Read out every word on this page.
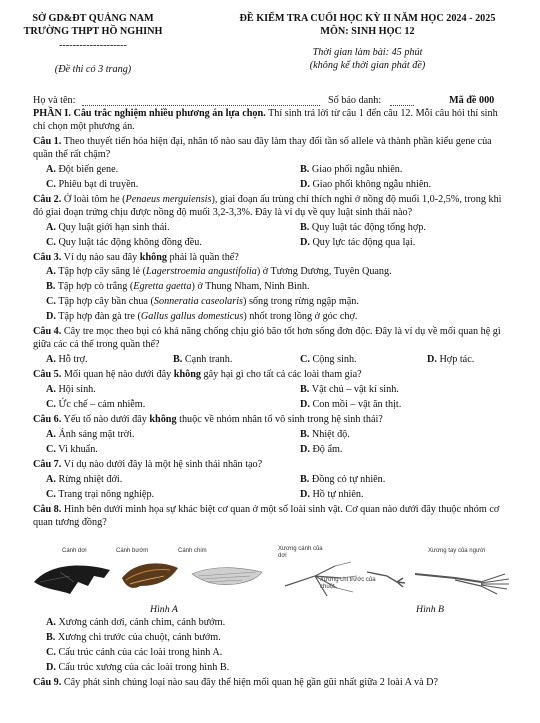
SỞ GD&ĐT QUẢNG NAM
TRƯỜNG THPT HỒ NGHINH
--------------------
(Đề thi có 3 trang)
ĐỀ KIỂM TRA CUỐI HỌC KỲ II NĂM HỌC 2024 - 2025
MÔN: SINH HỌC 12
Thời gian làm bài: 45 phút
(không kể thời gian phát đề)
Họ và tên:	Số báo danh:	Mã đề 000
PHẦN I. Câu trắc nghiệm nhiều phương án lựa chọn. Thí sinh trả lời từ câu 1 đến câu 12. Mỗi câu hỏi thí sinh chỉ chọn một phương án.
Câu 1. Theo thuyết tiến hóa hiện đại, nhân tố nào sau đây làm thay đổi tần số allele và thành phần kiểu gene của quần thể rất chậm?
A. Đột biến gene.	B. Giao phối ngẫu nhiên.
C. Phiêu bạt di truyền.	D. Giao phối không ngẫu nhiên.
Câu 2. Ở loài tôm he (Penaeus merguiensis), giai đoạn ấu trùng chỉ thích nghi ở nồng độ muối 1,0-2,5%, trong khi đó giai đoạn trứng chịu được nồng độ muối 3,2-3,3%. Đây là ví dụ về quy luật sinh thái nào?
A. Quy luật giới hạn sinh thái.	B. Quy luật tác động tổng hợp.
C. Quy luật tác động không đồng đều.	D. Quy lực tác động qua lại.
Câu 3. Ví dụ nào sau đây không phải là quần thể?
A. Tập hợp cây săng lẻ (Lagerstroemia angustifolia) ở Tương Dương, Tuyên Quang.
B. Tập hợp cò trắng (Egretta gaetta) ở Thung Nham, Ninh Bình.
C. Tập hợp cây bần chua (Sonneratia caseolaris) sống trong rừng ngập mặn.
D. Tập hợp đàn gà tre (Gallus gallus domesticus) nhốt trong lồng ở góc chợ.
Câu 4. Cây tre mọc theo bụi có khả năng chống chịu gió bão tốt hơn sống đơn độc. Đây là ví dụ về mối quan hệ gì giữa các cá thể trong quần thể?
A. Hỗ trợ.	B. Cạnh tranh.	C. Cộng sinh.	D. Hợp tác.
Câu 5. Mối quan hệ nào dưới đây không gây hại gì cho tất cả các loài tham gia?
A. Hội sinh.	B. Vật chủ – vật kí sinh.
C. Ức chế – cảm nhiễm.	D. Con mồi – vật ăn thịt.
Câu 6. Yếu tố nào dưới đây không thuộc về nhóm nhân tố vô sinh trong hệ sinh thái?
A. Ánh sáng mặt trời.	B. Nhiệt độ.
C. Vi khuẩn.	D. Độ ẩm.
Câu 7. Ví dụ nào dưới đây là một hệ sinh thái nhân tạo?
A. Rừng nhiệt đới.	B. Đồng cỏ tự nhiên.
C. Trang trại nông nghiệp.	D. Hồ tự nhiên.
Câu 8. Hình bên dưới minh họa sự khác biệt cơ quan ở một số loài sinh vật. Cơ quan nào dưới đây thuộc nhóm cơ quan tương đồng?
Cánh dơi	Cánh bướm	Cánh chim
Hình A
Xương cánh của dơi
Xương chi trước của chuột
Xương tay của người
Hình B
A. Xương cánh dơi, cánh chim, cánh bướm.
B. Xương chi trước của chuột, cánh bướm.
C. Cấu trúc cánh của các loài trong hình A.
D. Cấu trúc xương của các loài trong hình B.
Câu 9. Cây phát sinh chủng loại nào sau đây thể hiện mối quan hệ gần gũi nhất giữa 2 loài A và D?
